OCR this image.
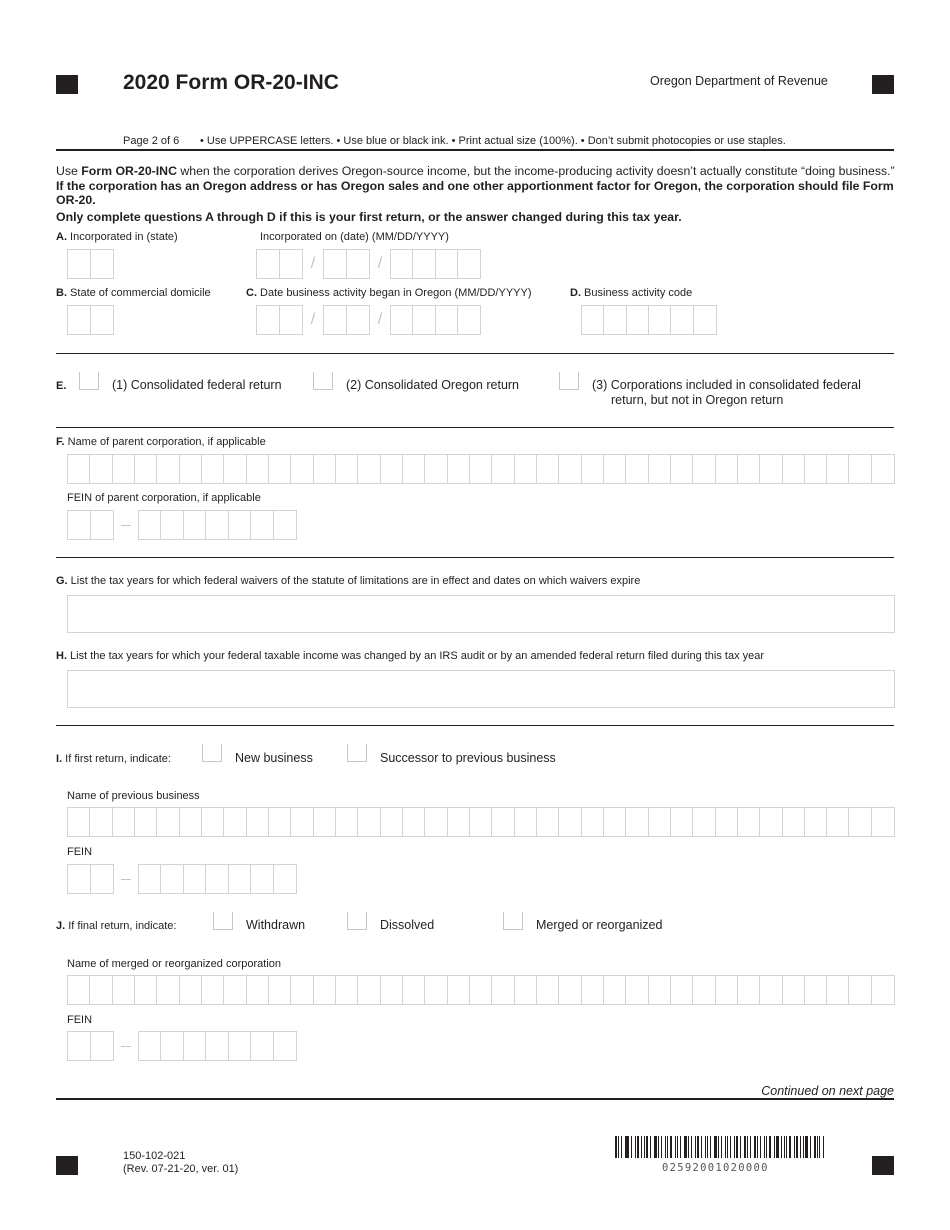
2020 Form OR-20-INC	Oregon Department of Revenue
Page 2 of 6 • Use UPPERCASE letters. • Use blue or black ink. • Print actual size (100%). • Don’t submit photocopies or use staples.
Use Form OR-20-INC when the corporation derives Oregon-source income, but the income-producing activity doesn’t actually constitute “doing business.” If the corporation has an Oregon address or has Oregon sales and one other apportionment factor for Oregon, the corporation should file Form OR-20.
Only complete questions A through D if this is your first return, or the answer changed during this tax year.
A. Incorporated in (state)	Incorporated on (date) (MM/DD/YYYY)
/	/
B. State of commercial domicile	C. Date business activity began in Oregon (MM/DD/YYYY)
/	/
D. Business activity code
E.	(1) Consolidated federal return	(2) Consolidated Oregon return	(3) Corporations included in consolidated federal
return, but not in Oregon return
F. Name of parent corporation, if applicable
FEIN of parent corporation, if applicable
G. List the tax years for which federal waivers of the statute of limitations are in effect and dates on which waivers expire
H. List the tax years for which your federal taxable income was changed by an IRS audit or by an amended federal return filed during this tax year
I. If first return, indicate:	New business	Successor to previous business
Name of previous business
FEIN
J. If final return, indicate:	Withdrawn	Dissolved	Merged or reorganized
Name of merged or reorganized corporation
FEIN
Continued on next page
150-102-021
(Rev. 07-21-20, ver. 01)	02592001020000
